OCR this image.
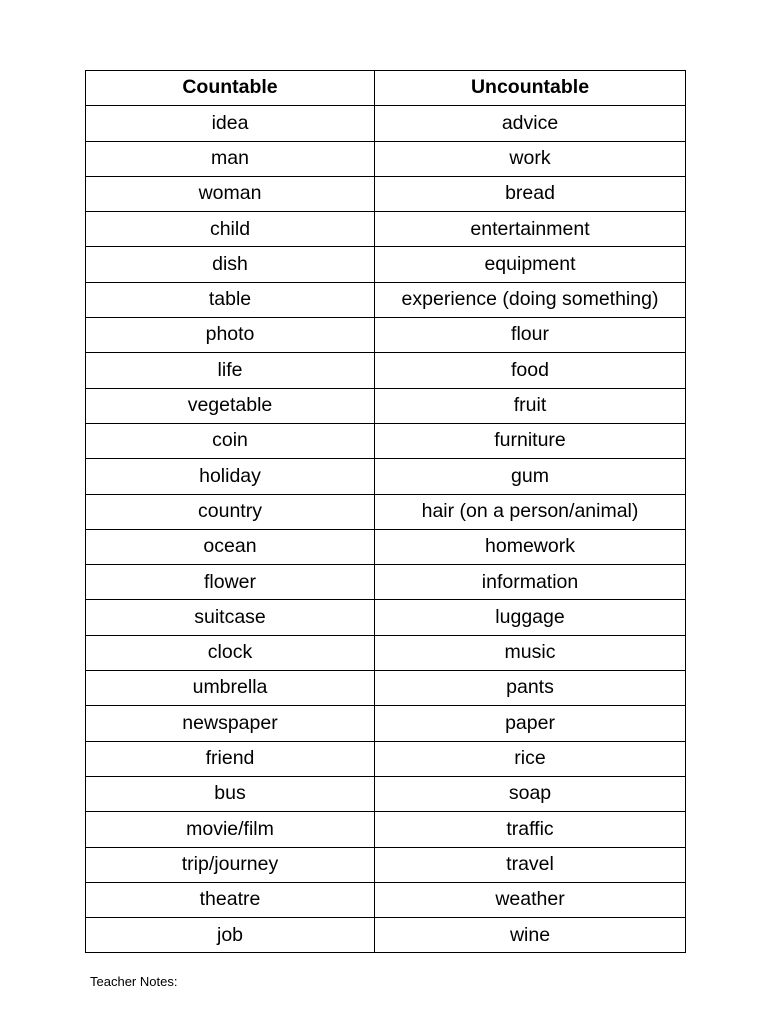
Countable	Uncountable
idea	advice
man	work
woman	bread
child	entertainment
dish	equipment
table	experience (doing something)
photo	flour
life	food
vegetable	fruit
coin	furniture
holiday	gum
country	hair (on a person/animal)
ocean	homework
flower	information
suitcase	luggage
clock	music
umbrella	pants
newspaper	paper
friend	rice
bus	soap
movie/film	traffic
trip/journey	travel
theatre	weather
job	wine
Teacher Notes:
